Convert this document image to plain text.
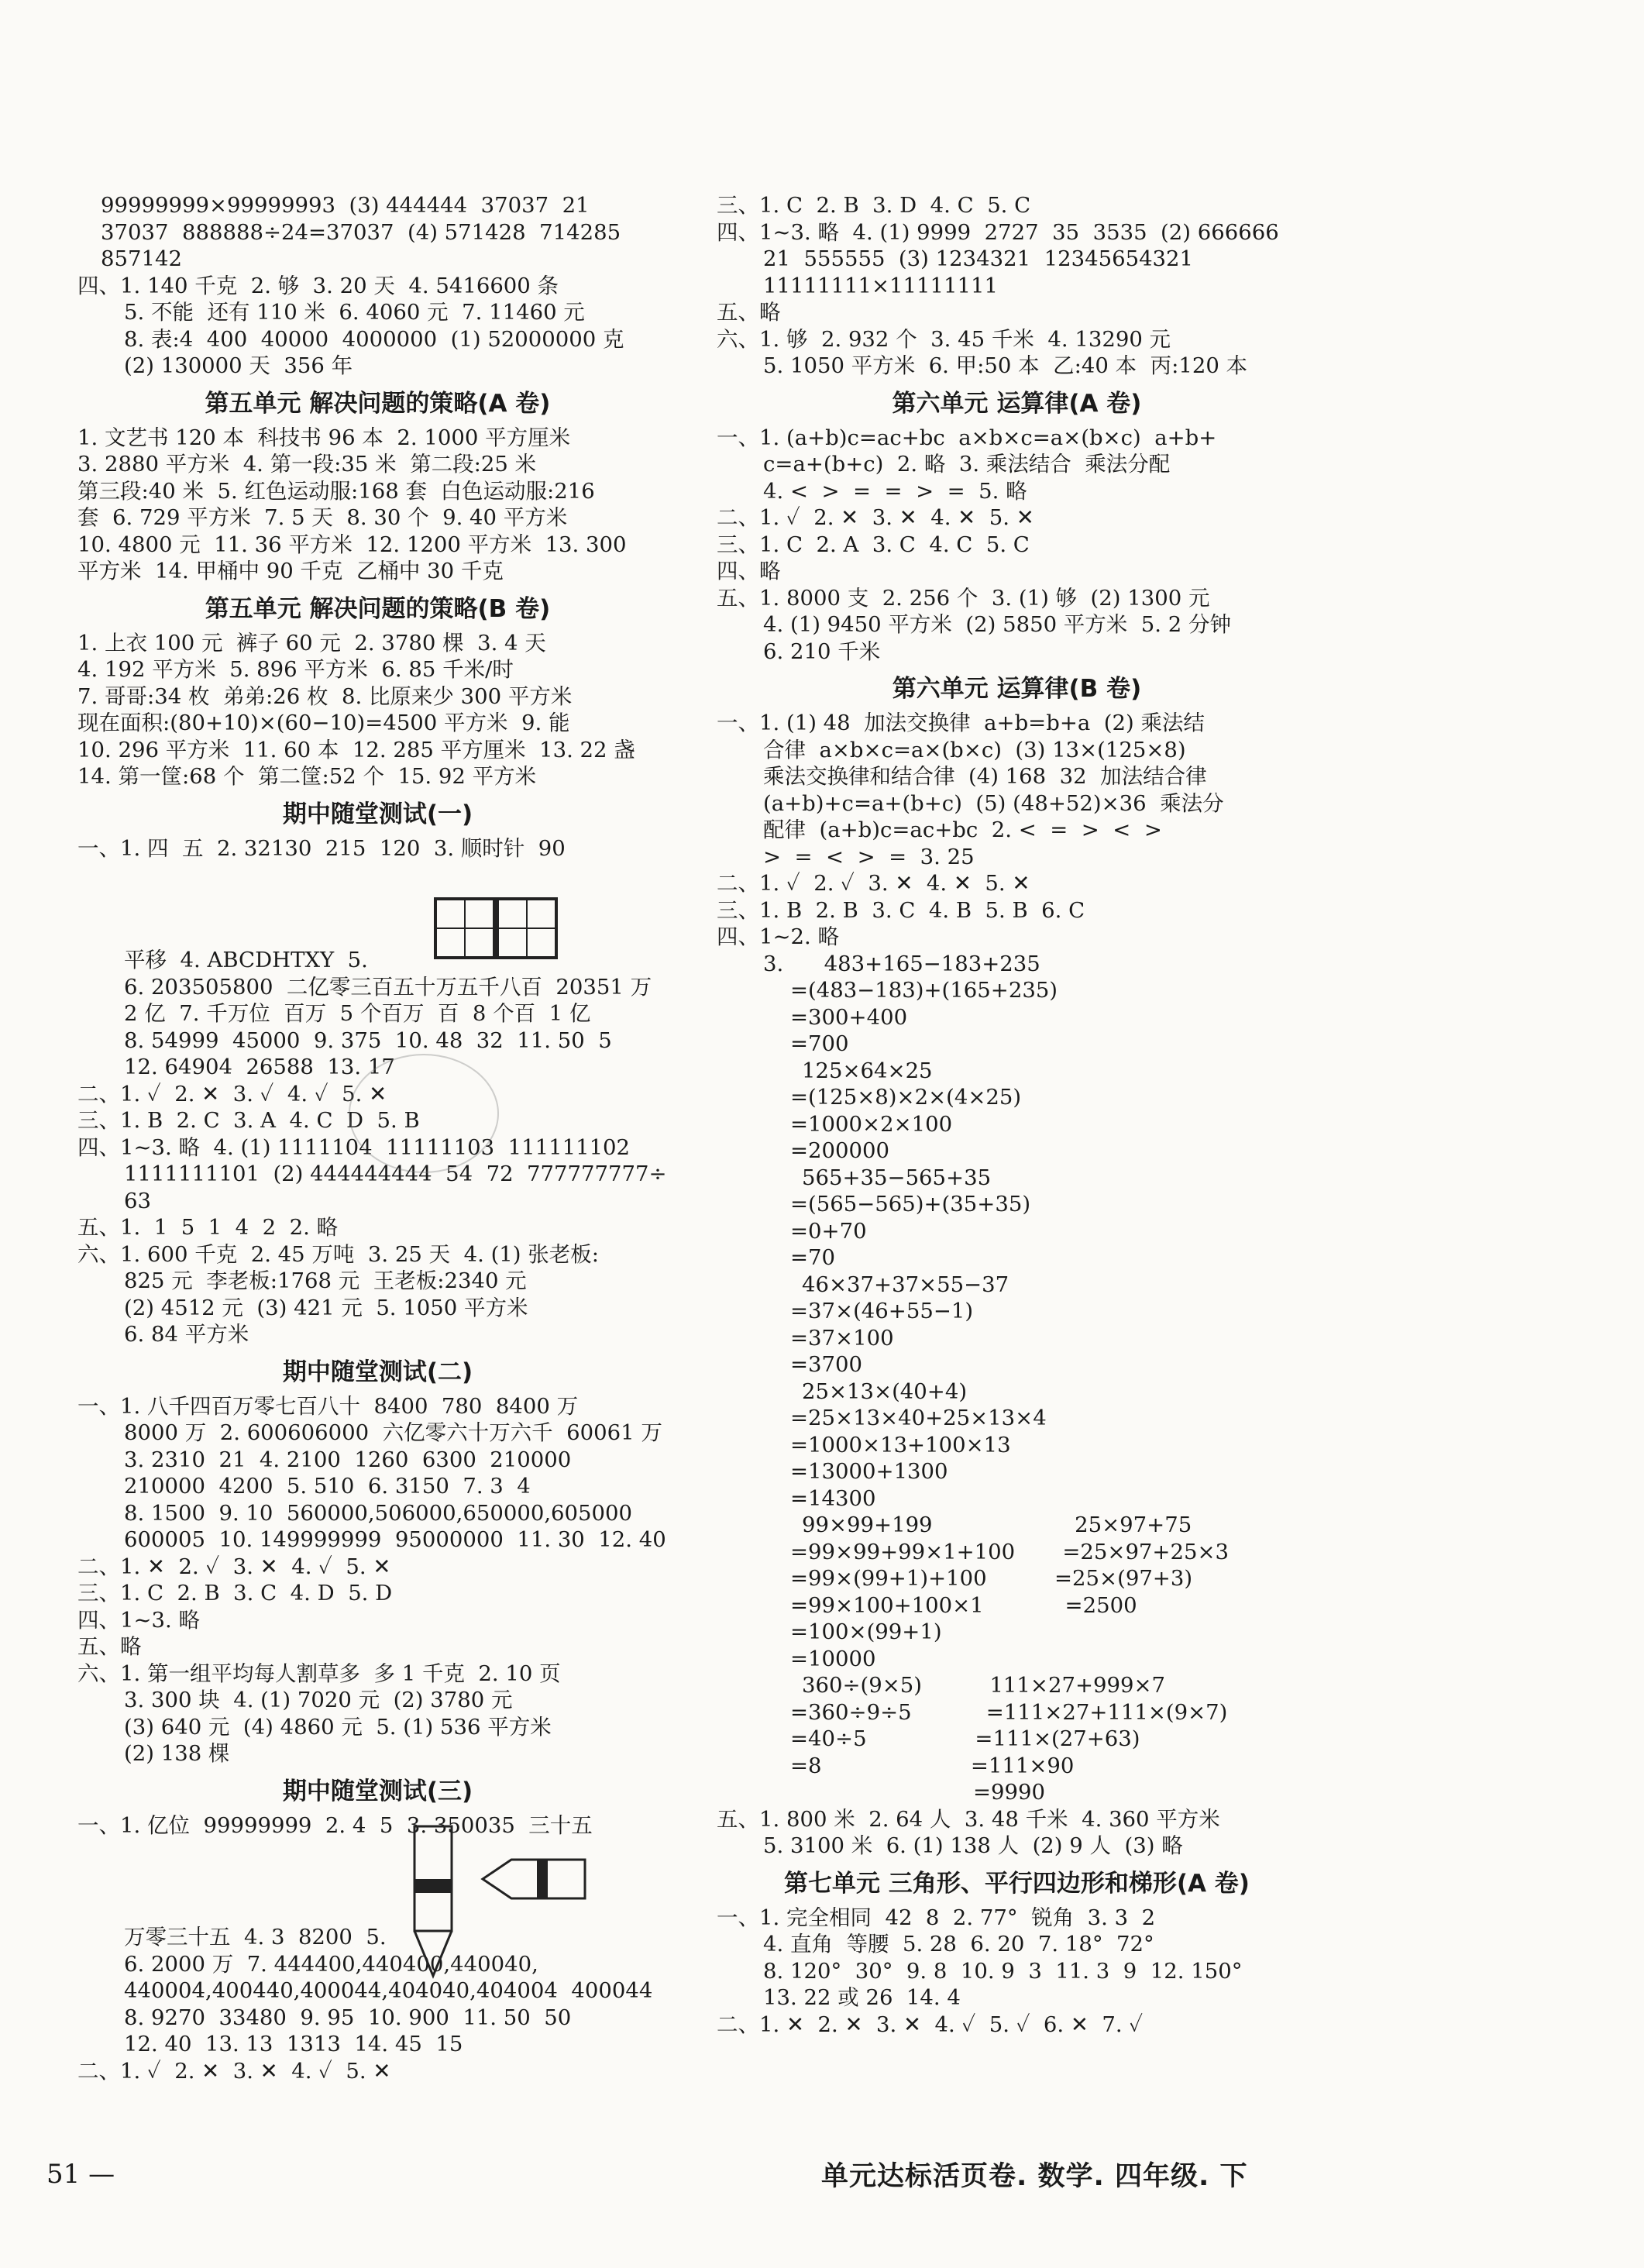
99999999×99999993  (3) 444444  37037  21
37037  888888÷24=37037  (4) 571428  714285
857142
四、1. 140 千克  2. 够  3. 20 天  4. 5416600 条
5. 不能  还有 110 米  6. 4060 元  7. 11460 元
8. 表:4  400  40000  4000000  (1) 52000000 克
(2) 130000 天  356 年
第五单元 解决问题的策略(A 卷)
1. 文艺书 120 本  科技书 96 本  2. 1000 平方厘米
3. 2880 平方米  4. 第一段:35 米  第二段:25 米
第三段:40 米  5. 红色运动服:168 套  白色运动服:216
套  6. 729 平方米  7. 5 天  8. 30 个  9. 40 平方米
10. 4800 元  11. 36 平方米  12. 1200 平方米  13. 300
平方米  14. 甲桶中 90 千克  乙桶中 30 千克
第五单元 解决问题的策略(B 卷)
1. 上衣 100 元  裤子 60 元  2. 3780 棵  3. 4 天
4. 192 平方米  5. 896 平方米  6. 85 千米/时
7. 哥哥:34 枚  弟弟:26 枚  8. 比原来少 300 平方米
现在面积:(80+10)×(60−10)=4500 平方米  9. 能
10. 296 平方米  11. 60 本  12. 285 平方厘米  13. 22 盏
14. 第一筐:68 个  第二筐:52 个  15. 92 平方米
期中随堂测试(一)
一、1. 四  五  2. 32130  215  120  3. 顺时针  90
平移  4. ABCDHTXY  5.
6. 203505800  二亿零三百五十万五千八百  20351 万
2 亿  7. 千万位  百万  5 个百万  百  8 个百  1 亿
8. 54999  45000  9. 375  10. 48  32  11. 50  5
12. 64904  26588  13. 17
二、1. ✓  2. ✕  3. ✓  4. ✓  5. ✕
三、1. B  2. C  3. A  4. C  D  5. B
四、1~3. 略  4. (1) 1111104  11111103  111111102
1111111101  (2) 444444444  54  72  777777777÷
63
五、1.  1  5  1  4  2  2. 略
六、1. 600 千克  2. 45 万吨  3. 25 天  4. (1) 张老板:
825 元  李老板:1768 元  王老板:2340 元
(2) 4512 元  (3) 421 元  5. 1050 平方米
6. 84 平方米
期中随堂测试(二)
一、1. 八千四百万零七百八十  8400  780  8400 万
8000 万  2. 600606000  六亿零六十万六千  60061 万
3. 2310  21  4. 2100  1260  6300  210000
210000  4200  5. 510  6. 3150  7. 3  4
8. 1500  9. 10  560000,506000,650000,605000
600005  10. 149999999  95000000  11. 30  12. 40
二、1. ✕  2. ✓  3. ✕  4. ✓  5. ✕
三、1. C  2. B  3. C  4. D  5. D
四、1~3. 略
五、略
六、1. 第一组平均每人割草多  多 1 千克  2. 10 页
3. 300 块  4. (1) 7020 元  (2) 3780 元
(3) 640 元  (4) 4860 元  5. (1) 536 平方米
(2) 138 棵
期中随堂测试(三)
一、1. 亿位  99999999  2. 4  5  3. 350035  三十五
万零三十五  4. 3  8200  5.
6. 2000 万  7. 444400,440400,440040,
440004,400440,400044,404040,404004  400044
8. 9270  33480  9. 95  10. 900  11. 50  50
12. 40  13. 13  1313  14. 45  15
二、1. ✓  2. ✕  3. ✕  4. ✓  5. ✕
三、1. C  2. B  3. D  4. C  5. C
四、1~3. 略  4. (1) 9999  2727  35  3535  (2) 666666
21  555555  (3) 1234321  12345654321
11111111×11111111
五、略
六、1. 够  2. 932 个  3. 45 千米  4. 13290 元
5. 1050 平方米  6. 甲:50 本  乙:40 本  丙:120 本
第六单元 运算律(A 卷)
一、1. (a+b)c=ac+bc  a×b×c=a×(b×c)  a+b+
c=a+(b+c)  2. 略  3. 乘法结合  乘法分配
4. <  >  =  =  >  =  5. 略
二、1. ✓  2. ✕  3. ✕  4. ✕  5. ✕
三、1. C  2. A  3. C  4. C  5. C
四、略
五、1. 8000 支  2. 256 个  3. (1) 够  (2) 1300 元
4. (1) 9450 平方米  (2) 5850 平方米  5. 2 分钟
6. 210 千米
第六单元 运算律(B 卷)
一、1. (1) 48  加法交换律  a+b=b+a  (2) 乘法结
合律  a×b×c=a×(b×c)  (3) 13×(125×8)
乘法交换律和结合律  (4) 168  32  加法结合律
(a+b)+c=a+(b+c)  (5) (48+52)×36  乘法分
配律  (a+b)c=ac+bc  2. <  =  >  <  >
>  =  <  >  =  3. 25
二、1. ✓  2. ✓  3. ✕  4. ✕  5. ✕
三、1. B  2. B  3. C  4. B  5. B  6. C
四、1~2. 略
3.      483+165−183+235
=(483−183)+(165+235)
=300+400
=700
125×64×25
=(125×8)×2×(4×25)
=1000×2×100
=200000
565+35−565+35
=(565−565)+(35+35)
=0+70
=70
46×37+37×55−37
=37×(46+55−1)
=37×100
=3700
25×13×(40+4)
=25×13×40+25×13×4
=1000×13+100×13
=13000+1300
=14300
99×99+199                     25×97+75
=99×99+99×1+100       =25×97+25×3
=99×(99+1)+100          =25×(97+3)
=99×100+100×1            =2500
=100×(99+1)
=10000
360÷(9×5)          111×27+999×7
=360÷9÷5           =111×27+111×(9×7)
=40÷5                =111×(27+63)
=8                      =111×90
=9990
五、1. 800 米  2. 64 人  3. 48 千米  4. 360 平方米
5. 3100 米  6. (1) 138 人  (2) 9 人  (3) 略
第七单元 三角形、平行四边形和梯形(A 卷)
一、1. 完全相同  42  8  2. 77°  锐角  3. 3  2
4. 直角  等腰  5. 28  6. 20  7. 18°  72°
8. 120°  30°  9. 8  10. 9  3  11. 3  9  12. 150°
13. 22 或 26  14. 4
二、1. ✕  2. ✕  3. ✕  4. ✓  5. ✓  6. ✕  7. ✓
51 —	单元达标活页卷. 数学. 四年级. 下
